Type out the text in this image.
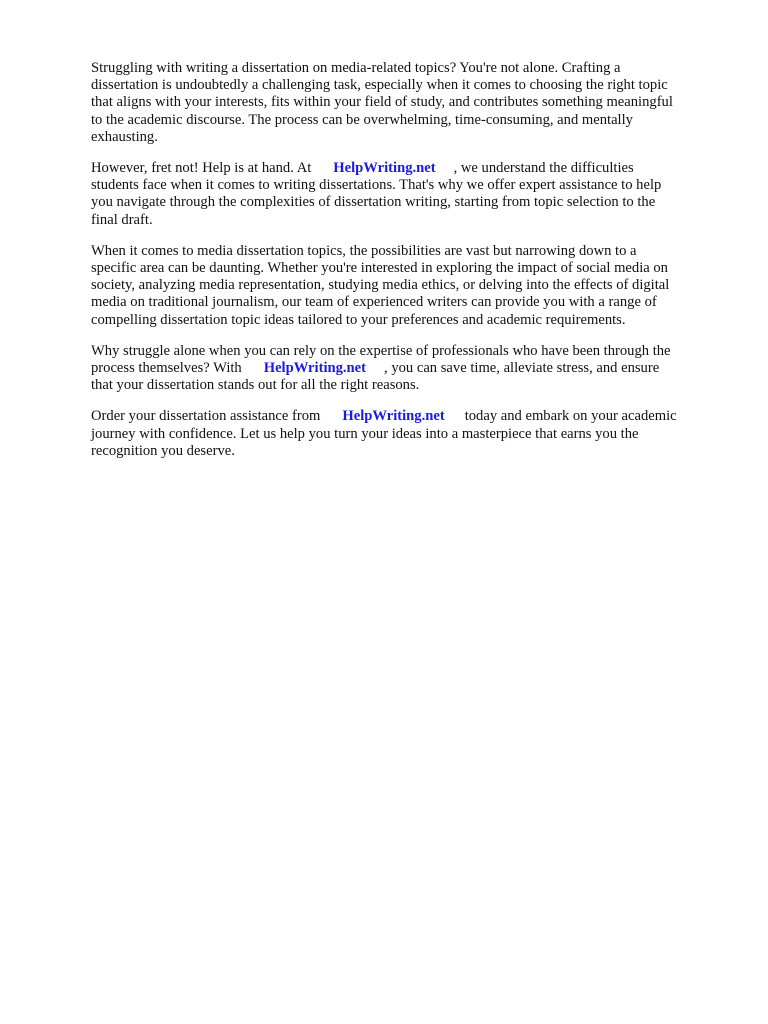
Struggling with writing a dissertation on media-related topics? You're not alone. Crafting a
dissertation is undoubtedly a challenging task, especially when it comes to choosing the right topic
that aligns with your interests, fits within your field of study, and contributes something meaningful
to the academic discourse. The process can be overwhelming, time-consuming, and mentally
exhausting.

However, fret not! Help is at hand. At HelpWriting.net , we understand the difficulties
students face when it comes to writing dissertations. That's why we offer expert assistance to help
you navigate through the complexities of dissertation writing, starting from topic selection to the
final draft.

When it comes to media dissertation topics, the possibilities are vast but narrowing down to a
specific area can be daunting. Whether you're interested in exploring the impact of social media on
society, analyzing media representation, studying media ethics, or delving into the effects of digital
media on traditional journalism, our team of experienced writers can provide you with a range of
compelling dissertation topic ideas tailored to your preferences and academic requirements.

Why struggle alone when you can rely on the expertise of professionals who have been through the
process themselves? With HelpWriting.net , you can save time, alleviate stress, and ensure
that your dissertation stands out for all the right reasons.

Order your dissertation assistance from HelpWriting.net today and embark on your academic
journey with confidence. Let us help you turn your ideas into a masterpiece that earns you the
recognition you deserve.
